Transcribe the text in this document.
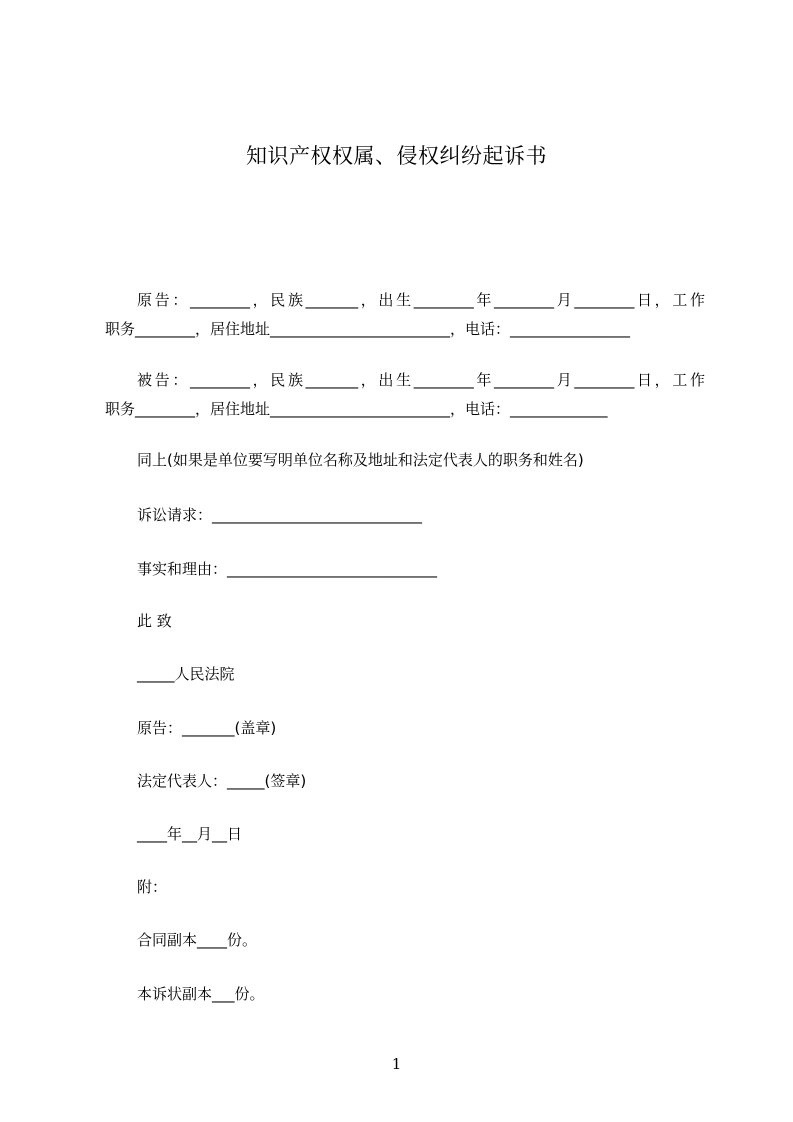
知识产权权属、侵权纠纷起诉书
原告：________，民族_______，出生________年________月________日，工作
职务________，居住地址________________________，电话：________________
被告：________，民族_______，出生________年________月________日，工作
职务________，居住地址________________________，电话：_____________
同上(如果是单位要写明单位名称及地址和法定代表人的职务和姓名)
诉讼请求：____________________________
事实和理由：____________________________
此 致
_____人民法院
原告：_______(盖章)
法定代表人：_____(签章)
____年__月__日
附：
合同副本____份。
本诉状副本___份。
1
